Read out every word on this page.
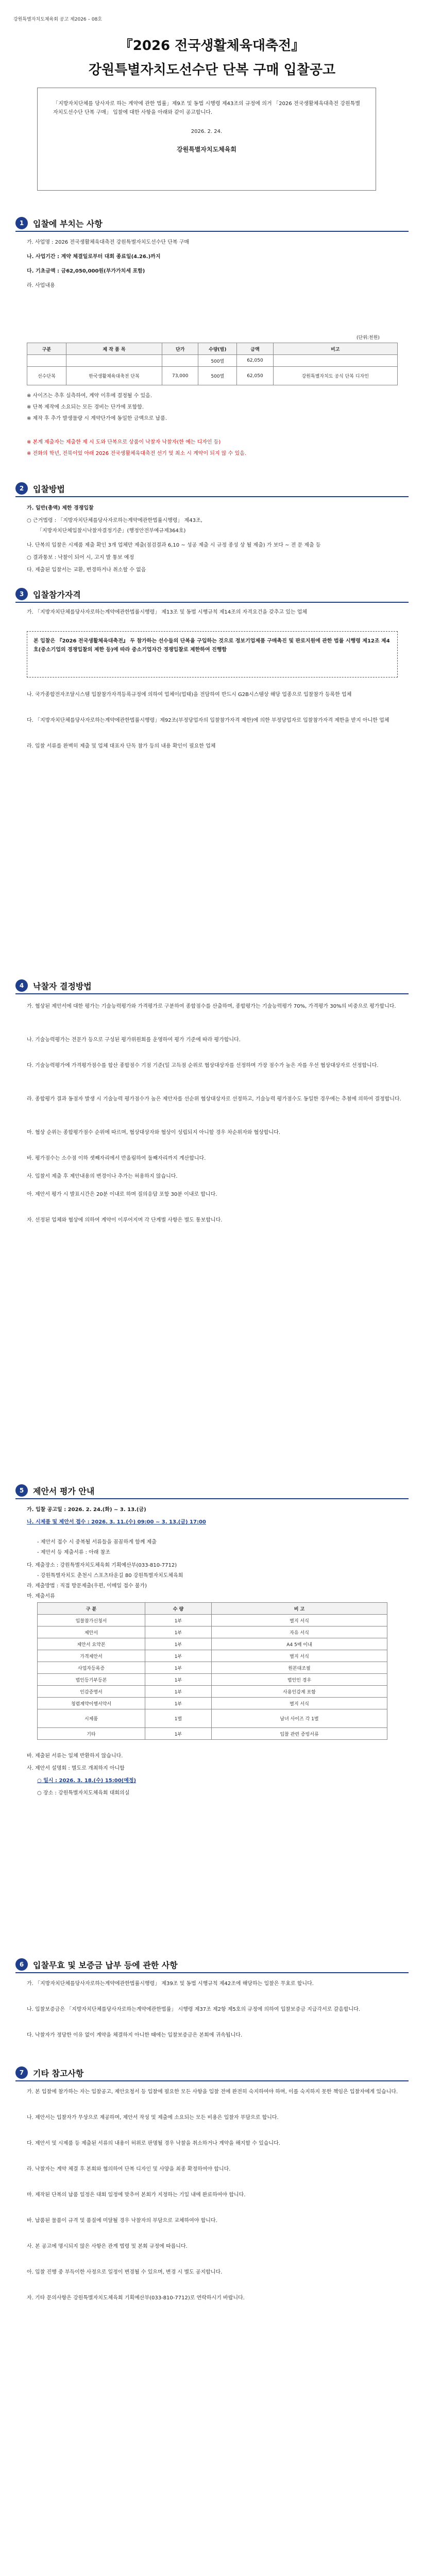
강원특별자치도체육회 공고 제2026 – 08호
『2026 전국생활체육대축전』
강원특별자치도선수단 단복 구매 입찰공고
「지방자치단체를 당사자로 하는 계약에 관한 법률」제9조 및 동법 시행령 제43조의 규정에 의거 「2026 전국생활체육대축전 강원특별자치도선수단 단복 구매」 입찰에 대한 사항을 아래와 같이 공고합니다.
2026. 2. 24.
강원특별자치도체육회
1	입찰에 부치는 사항
가. 사업명 : 2026 전국생활체육대축전 강원특별자치도선수단 단복 구매
나. 사업기간 : 계약 체결일로부터 대회 종료일(4.26.)까지
다. 기초금액 : 금62,050,000원(부가가치세 포함)
라. 사업내용
(단위:천원)
구분	제 작 품 목	단가	수량(벌)	금액	비고
			500벌	62,050	
선수단복	한국생활체육대축전 단복	73,000	500벌	62,050	강원특별자치도 공식 단복 디자인
※ 사이즈는 추후 실측하여, 계약 이후에 결정될 수 있음.
※ 단복 제작에 소요되는 모든 경비는 단가에 포함함.
※ 제작 후 추가 발생물량 시 계약단가에 동일한 금액으로 납품.
※ 본계 제출자는 제출한 제 시 도와 단복으로 상품이 낙찰자 낙찰자(한 예는 디자인 등)
※ 전화의 학년, 전북이었 아래 2026 전국생활체육대축전 선기 및 최소 시 계약이 되지 않 수 있음.
2	입찰방법
가. 일반(총액) 제한 경쟁입찰
○ 근거법령 : 「지방자치단체를당사자로하는계약에관한법률시행령」 제43조,
「지방자치단체입찰시낙찰자결정기준」(행정안전부예규제364호)
나. 단복의 입찰은 시제품 제출 확인 3개 업체만 제출(점검결과 6,10 ~ 성공 제출 시 규정 종성 상 될 제출) 가 보다 ~ 전 문 제출 등
○ 결과통보 : 낙찰이 되어 시, 고지 발 통보 예정
다. 제출된 입찰서는 교환, 변경하거나 취소할 수 없음
3	입찰참가자격
가. 「지방자치단체를당사자로하는계약에관한법률시행령」 제13조 및 동법 시행규칙 제14조의 자격요건을 갖추고 있는 업체
나. 국가종합전자조달시스템 입찰참가자격등록규정에 의하여 업체이(업태)을 전담하여 반드시 G2B시스템상 해당 업종으로 입찰참가 등록한 업체
다. 「지방자치단체를당사자로하는계약에관한법률시행령」제92조(부정당업자의 입찰참가자격 제한)에 의한 부정당업자로 입찰참가자격 제한을 받지 아니한 업체
라. 입찰 서류를 완벽히 제출 및 업체 대표자 단독 참가 등의 내용 확인이 필요한 업체
본 입찰은 『2026 전국생활체육대축전』 두 참가하는 선수들의 단복을 구입하는 것으로 정보기업제품 구매촉진 및 판로지원에 관한 법률 시행령 제12조 제4호(중소기업의 경쟁입찰의 제한 등)에 따라 중소기업자간 경쟁입찰로 제한하여 진행함
4	낙찰자 결정방법
가. 협상된 제안서에 대한 평가는 기술능력평가와 가격평가로 구분하여 종합점수를 산출하며, 종합평가는 기술능력평가 70%, 가격평가 30%의 비중으로 평가합니다.
나. 기술능력평가는 전문가 등으로 구성된 평가위원회를 운영하여 평가 기준에 따라 평가합니다.
다. 기술능력평가에 가격평가점수를 합산 종합점수 기점 기준(일 고득점 순위로 협상대상자를 선정하며 가장 점수가 높은 자를 우선 협상대상자로 선정합니다.
라. 종합평가 결과 동점자 발생 시 기술능력 평가점수가 높은 제안자를 선순위 협상대상자로 선정하고, 기술능력 평가점수도 동일한 경우에는 추첨에 의하여 결정합니다.
마. 협상 순위는 종합평가점수 순위에 따르며, 협상대상자와 협상이 성립되지 아니할 경우 차순위자와 협상합니다.
바. 평가점수는 소수점 이하 셋째자리에서 반올림하여 둘째자리까지 계산합니다.
사. 입찰서 제출 후 제안내용의 변경이나 추가는 허용하지 않습니다.
아. 제안서 평가 시 발표시간은 20분 이내로 하며 질의응답 포함 30분 이내로 합니다.
자. 선정된 업체와 협상에 의하여 계약이 이루어지며 각 단계별 사항은 별도 통보합니다.
5	제안서 평가 안내
가. 입찰 공고일 : 2026. 2. 24.(화) ~ 3. 13.(금)
나. 시제품 및 제안서 접수 : 2026. 3. 11.(수) 09:00 ~ 3. 13.(금) 17:00
- 제안서 접수 시 중복될 서류들을 꼼꼼하게 함께 제출
- 제안서 등 제출서류 : 아래 참조
다. 제출장소 : 강원특별자치도체육회 기획예산부(033-810-7712)
- 강원특별자치도 춘천시 스포츠타운길 80 강원특별자치도체육회
라. 제출방법 : 직접 방문제출(우편, 이메일 접수 불가)
마. 제출서류
구 분	수 량	비 고
입찰참가신청서	1부	별지 서식
제안서	1부	자유 서식
제안서 요약본	1부	A4 5매 이내
가격제안서	1부	별지 서식
사업자등록증	1부	원본대조필
법인등기부등본	1부	법인인 경우
인감증명서	1부	사용인감계 포함
청렴계약이행서약서	1부	별지 서식
시제품	1벌	남녀 사이즈 각 1벌
기타	1부	입찰 관련 증빙서류
바. 제출된 서류는 일체 반환하지 않습니다.
사. 제안서 설명회 : 별도로 개최하지 아니함
○ 일시 : 2026. 3. 18.(수) 15:00(예정)
○ 장소 : 강원특별자치도체육회 대회의실
6	입찰무효 및 보증금 납부 등에 관한 사항
가. 「지방자치단체를당사자로하는계약에관한법률시행령」 제39조 및 동법 시행규칙 제42조에 해당하는 입찰은 무효로 합니다.
나. 입찰보증금은 「지방자치단체를당사자로하는계약에관한법률」 시행령 제37조 제2항 제5호의 규정에 의하여 입찰보증금 지급각서로 갈음합니다.
다. 낙찰자가 정당한 이유 없이 계약을 체결하지 아니한 때에는 입찰보증금은 본회에 귀속됩니다.
7	기타 참고사항
가. 본 입찰에 참가하는 자는 입찰공고, 제안요청서 등 입찰에 필요한 모든 사항을 입찰 전에 완전히 숙지하여야 하며, 이를 숙지하지 못한 책임은 입찰자에게 있습니다.
나. 제안서는 입찰자가 무상으로 제공하며, 제안서 작성 및 제출에 소요되는 모든 비용은 입찰자 부담으로 합니다.
다. 제안서 및 시제품 등 제출된 서류의 내용이 허위로 판명될 경우 낙찰을 취소하거나 계약을 해지할 수 있습니다.
라. 낙찰자는 계약 체결 후 본회와 협의하여 단복 디자인 및 사양을 최종 확정하여야 합니다.
마. 제작된 단복의 납품 일정은 대회 일정에 맞추어 본회가 지정하는 기일 내에 완료하여야 합니다.
바. 납품된 물품이 규격 및 품질에 미달될 경우 낙찰자의 부담으로 교체하여야 합니다.
사. 본 공고에 명시되지 않은 사항은 관계 법령 및 본회 규정에 따릅니다.
아. 입찰 진행 중 부득이한 사정으로 일정이 변경될 수 있으며, 변경 시 별도 공지합니다.
자. 기타 문의사항은 강원특별자치도체육회 기획예산부(033-810-7712)로 연락하시기 바랍니다.
